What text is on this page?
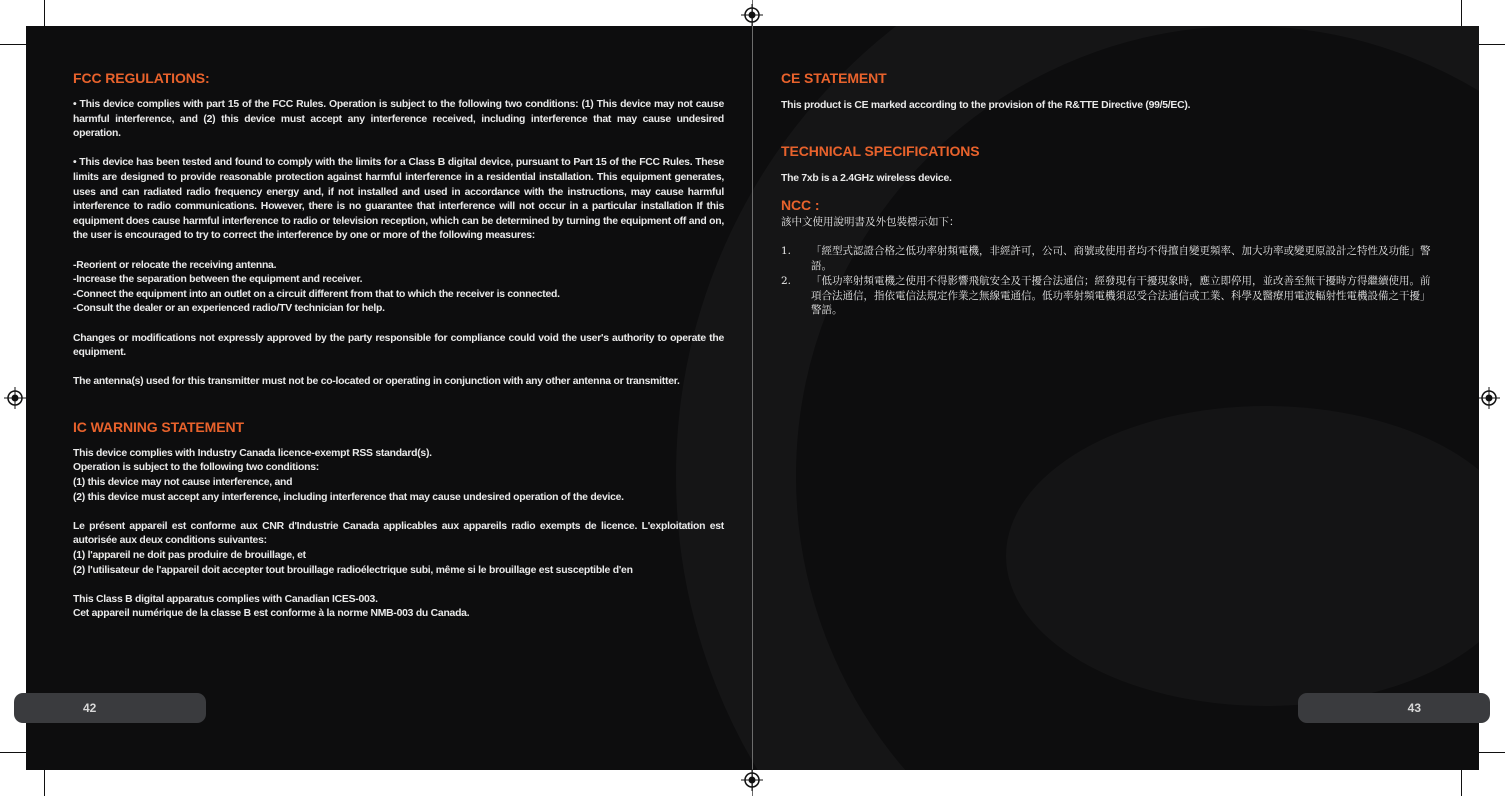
FCC REGULATIONS:

• This device complies with part 15 of the FCC Rules. Operation is subject to the following two conditions: (1) This device may not cause harmful interference, and (2) this device must accept any interference received, including interference that may cause undesired operation.

• This device has been tested and found to comply with the limits for a Class B digital device, pursuant to Part 15 of the FCC Rules. These limits are designed to provide reasonable protection against harmful interference in a residential installation. This equipment generates, uses and can radiated radio frequency energy and, if not installed and used in accordance with the instructions, may cause harmful interference to radio communications. However, there is no guarantee that interference will not occur in a particular installation If this equipment does cause harmful interference to radio or television reception, which can be determined by turning the equipment off and on, the user is encouraged to try to correct the interference by one or more of the following measures:

-Reorient or relocate the receiving antenna.

-Increase the separation between the equipment and receiver.

-Connect the equipment into an outlet on a circuit different from that to which the receiver is connected.

-Consult the dealer or an experienced radio/TV technician for help.

Changes or modifications not expressly approved by the party responsible for compliance could void the user's authority to operate the equipment.

The antenna(s) used for this transmitter must not be co-located or operating in conjunction with any other antenna or transmitter.

IC WARNING STATEMENT

This device complies with Industry Canada licence-exempt RSS standard(s).

Operation is subject to the following two conditions:

(1) this device may not cause interference, and

(2) this device must accept any interference, including interference that may cause undesired operation of the device.

Le présent appareil est conforme aux CNR d'Industrie Canada applicables aux appareils radio exempts de licence. L'exploitation est autorisée aux deux conditions suivantes:

(1) l'appareil ne doit pas produire de brouillage, et

(2) l'utilisateur de l'appareil doit accepter tout brouillage radioélectrique subi, même si le brouillage est susceptible d'en

This Class B digital apparatus complies with Canadian ICES-003.

Cet appareil numérique de la classe B est conforme à la norme NMB-003 du Canada.

CE STATEMENT

This product is CE marked according to the provision of the R&TTE Directive (99/5/EC).

TECHNICAL SPECIFICATIONS

The 7xb is a 2.4GHz wireless device.

NCC :
該中文使用說明書及外包裝標示如下：
1. 「經型式認證合格之低功率射頻電機，非經許可，公司、商號或使用者均不得擅自變更頻率、加大功率或變更原設計之特性及功能」警語。
2. 「低功率射頻電機之使用不得影響飛航安全及干擾合法通信；經發現有干擾現象時，應立即停用，並改善至無干擾時方得繼續使用。前項合法通信，指依電信法規定作業之無線電通信。低功率射頻電機須忍受合法通信或工業、科學及醫療用電波輻射性電機設備之干擾」警語。
42	43
